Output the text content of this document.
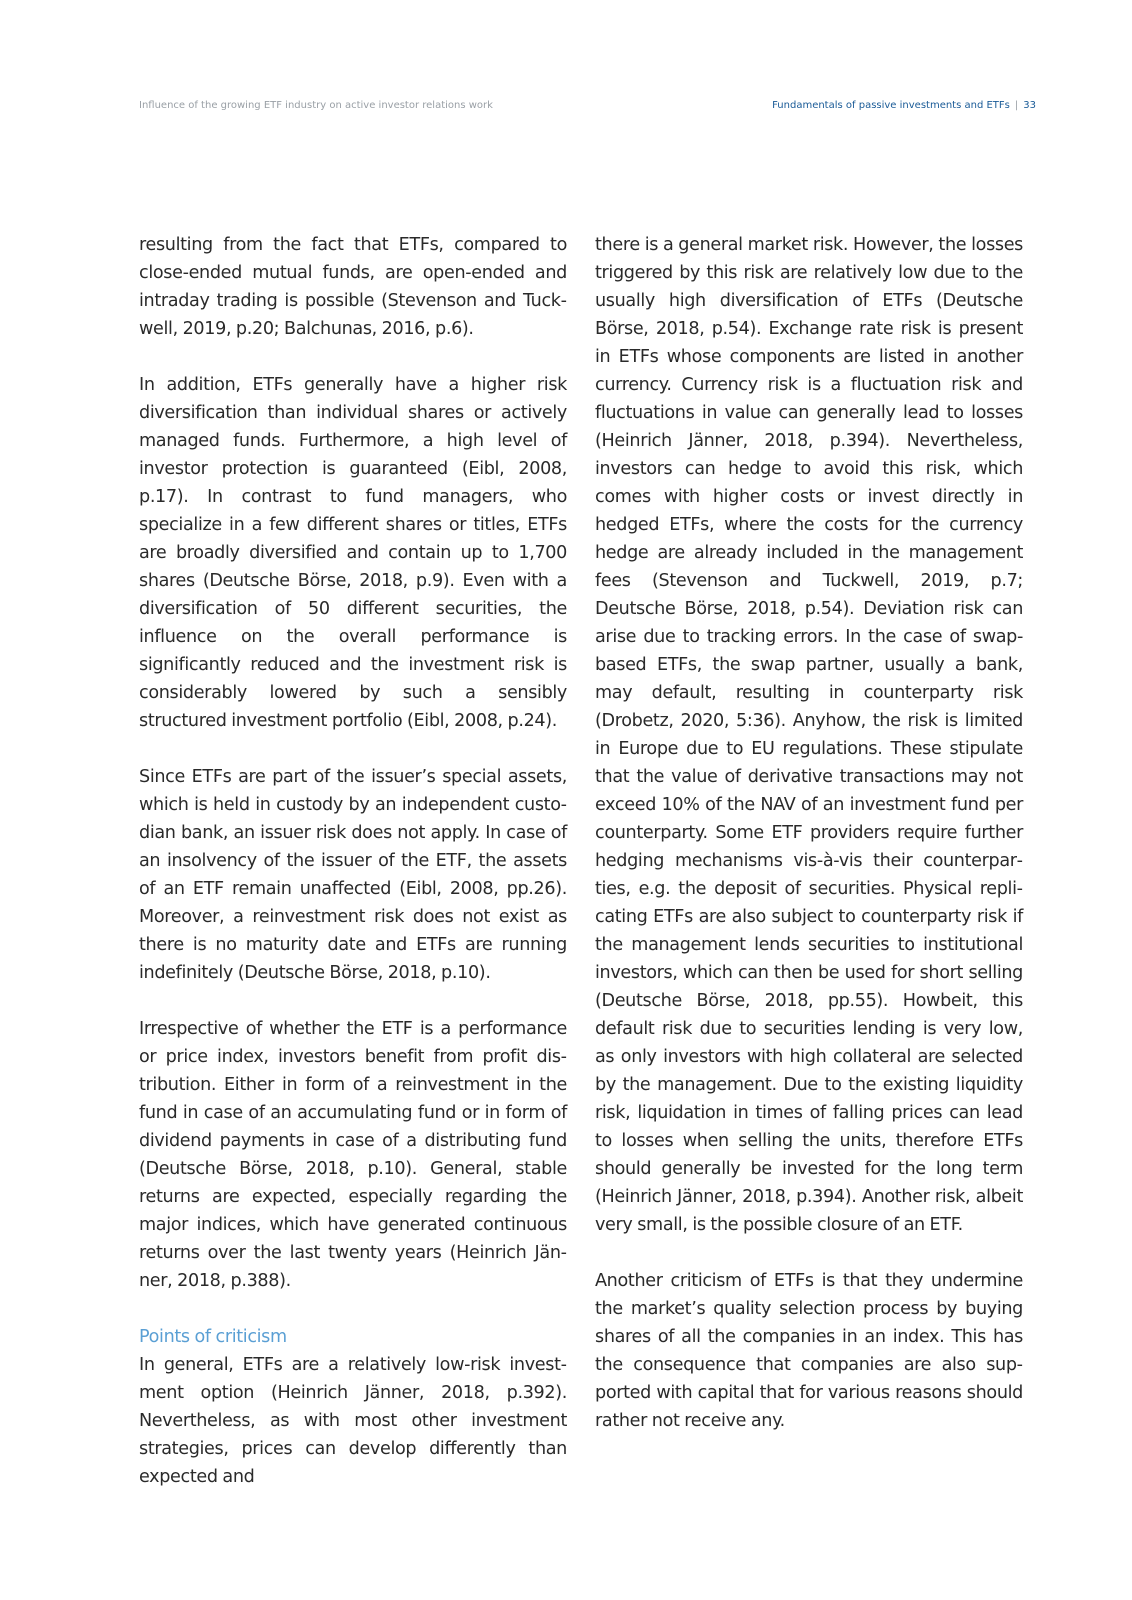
Influence of the growing ETF industry on active investor relations work	Fundamentals of passive investments and ETFs | 33

resulting from the fact that ETFs, compared to close-ended mutual funds, are open-ended and intraday trading is possible (Stevenson and Tuckwell, 2019, p.20; Balchunas, 2016, p.6).

In addition, ETFs generally have a higher risk diversification than individual shares or actively managed funds. Furthermore, a high level of investor protection is guaranteed (Eibl, 2008, p.17). In contrast to fund managers, who specialize in a few different shares or titles, ETFs are broadly diversified and contain up to 1,700 shares (Deutsche Börse, 2018, p.9). Even with a diversification of 50 different securities, the influence on the overall performance is significantly reduced and the investment risk is considerably lowered by such a sensibly structured investment portfolio (Eibl, 2008, p.24).

Since ETFs are part of the issuer’s special assets, which is held in custody by an independent custodian bank, an issuer risk does not apply. In case of an insolvency of the issuer of the ETF, the assets of an ETF remain unaffected (Eibl, 2008, pp.26). Moreover, a reinvestment risk does not exist as there is no maturity date and ETFs are running indefinitely (Deutsche Börse, 2018, p.10).

Irrespective of whether the ETF is a performance or price index, investors benefit from profit distribution. Either in form of a reinvestment in the fund in case of an accumulating fund or in form of dividend payments in case of a distributing fund (Deutsche Börse, 2018, p.10). General, stable returns are expected, especially regarding the major indices, which have generated continuous returns over the last twenty years (Heinrich Jänner, 2018, p.388).

Points of criticism

In general, ETFs are a relatively low-risk investment option (Heinrich Jänner, 2018, p.392). Nevertheless, as with most other investment strategies, prices can develop differently than expected and

there is a general market risk. However, the losses triggered by this risk are relatively low due to the usually high diversification of ETFs (Deutsche Börse, 2018, p.54). Exchange rate risk is present in ETFs whose components are listed in another currency. Currency risk is a fluctuation risk and fluctuations in value can generally lead to losses (Heinrich Jänner, 2018, p.394). Nevertheless, investors can hedge to avoid this risk, which comes with higher costs or invest directly in hedged ETFs, where the costs for the currency hedge are already included in the management fees (Stevenson and Tuckwell, 2019, p.7; Deutsche Börse, 2018, p.54). Deviation risk can arise due to tracking errors. In the case of swap-based ETFs, the swap partner, usually a bank, may default, resulting in counterparty risk (Drobetz, 2020, 5:36). Anyhow, the risk is limited in Europe due to EU regulations. These stipulate that the value of derivative transactions may not exceed 10% of the NAV of an investment fund per counterparty. Some ETF providers require further hedging mechanisms vis-à-vis their counterparties, e.g. the deposit of securities. Physical replicating ETFs are also subject to counterparty risk if the management lends securities to institutional investors, which can then be used for short selling (Deutsche Börse, 2018, pp.55). Howbeit, this default risk due to securities lending is very low, as only investors with high collateral are selected by the management. Due to the existing liquidity risk, liquidation in times of falling prices can lead to losses when selling the units, therefore ETFs should generally be invested for the long term (Heinrich Jänner, 2018, p.394). Another risk, albeit very small, is the possible closure of an ETF.

Another criticism of ETFs is that they undermine the market’s quality selection process by buying shares of all the companies in an index. This has the consequence that companies are also supported with capital that for various reasons should rather not receive any.
